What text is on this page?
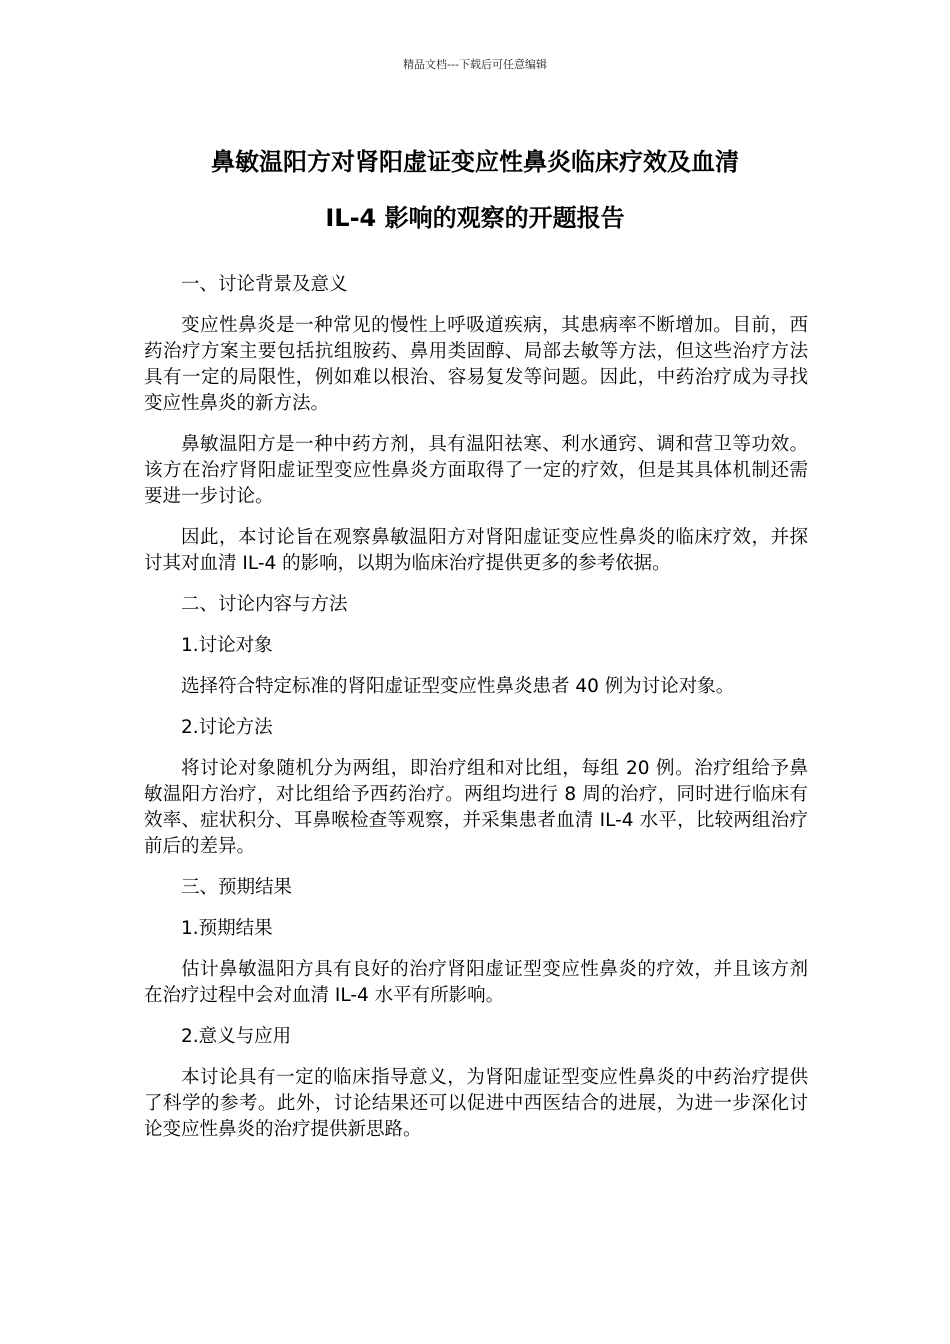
精品文档---下载后可任意编辑
鼻敏温阳方对肾阳虚证变应性鼻炎临床疗效及血清
IL-4 影响的观察的开题报告

一、讨论背景及意义

变应性鼻炎是一种常见的慢性上呼吸道疾病，其患病率不断增加。目前，西药治疗方案主要包括抗组胺药、鼻用类固醇、局部去敏等方法，但这些治疗方法具有一定的局限性，例如难以根治、容易复发等问题。因此，中药治疗成为寻找变应性鼻炎的新方法。

鼻敏温阳方是一种中药方剂，具有温阳祛寒、利水通窍、调和营卫等功效。该方在治疗肾阳虚证型变应性鼻炎方面取得了一定的疗效，但是其具体机制还需要进一步讨论。

因此，本讨论旨在观察鼻敏温阳方对肾阳虚证变应性鼻炎的临床疗效，并探讨其对血清 IL-4 的影响，以期为临床治疗提供更多的参考依据。

二、讨论内容与方法

1.讨论对象

选择符合特定标准的肾阳虚证型变应性鼻炎患者 40 例为讨论对象。

2.讨论方法

将讨论对象随机分为两组，即治疗组和对比组，每组 20 例。治疗组给予鼻敏温阳方治疗，对比组给予西药治疗。两组均进行 8 周的治疗，同时进行临床有效率、症状积分、耳鼻喉检查等观察，并采集患者血清 IL-4 水平，比较两组治疗前后的差异。

三、预期结果

1.预期结果

估计鼻敏温阳方具有良好的治疗肾阳虚证型变应性鼻炎的疗效，并且该方剂在治疗过程中会对血清 IL-4 水平有所影响。

2.意义与应用

本讨论具有一定的临床指导意义，为肾阳虚证型变应性鼻炎的中药治疗提供了科学的参考。此外，讨论结果还可以促进中西医结合的进展，为进一步深化讨论变应性鼻炎的治疗提供新思路。
